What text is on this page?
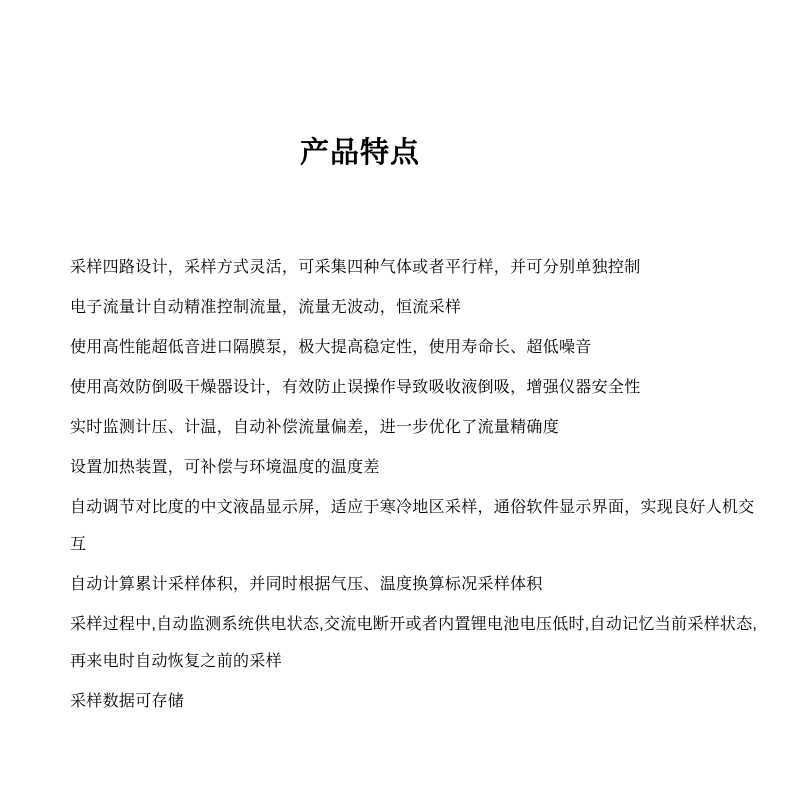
产品特点

采样四路设计，采样方式灵活，可采集四种气体或者平行样，并可分别单独控制

电子流量计自动精准控制流量，流量无波动，恒流采样

使用高性能超低音进口隔膜泵，极大提高稳定性，使用寿命长、超低噪音

使用高效防倒吸干燥器设计，有效防止误操作导致吸收液倒吸，增强仪器安全性

实时监测计压、计温，自动补偿流量偏差，进一步优化了流量精确度

设置加热装置，可补偿与环境温度的温度差

自动调节对比度的中文液晶显示屏，适应于寒冷地区采样，通俗软件显示界面，实现良好人机交互

自动计算累计采样体积，并同时根据气压、温度换算标况采样体积

采样过程中,自动监测系统供电状态,交流电断开或者内置锂电池电压低时,自动记忆当前采样状态,再来电时自动恢复之前的采样

采样数据可存储
